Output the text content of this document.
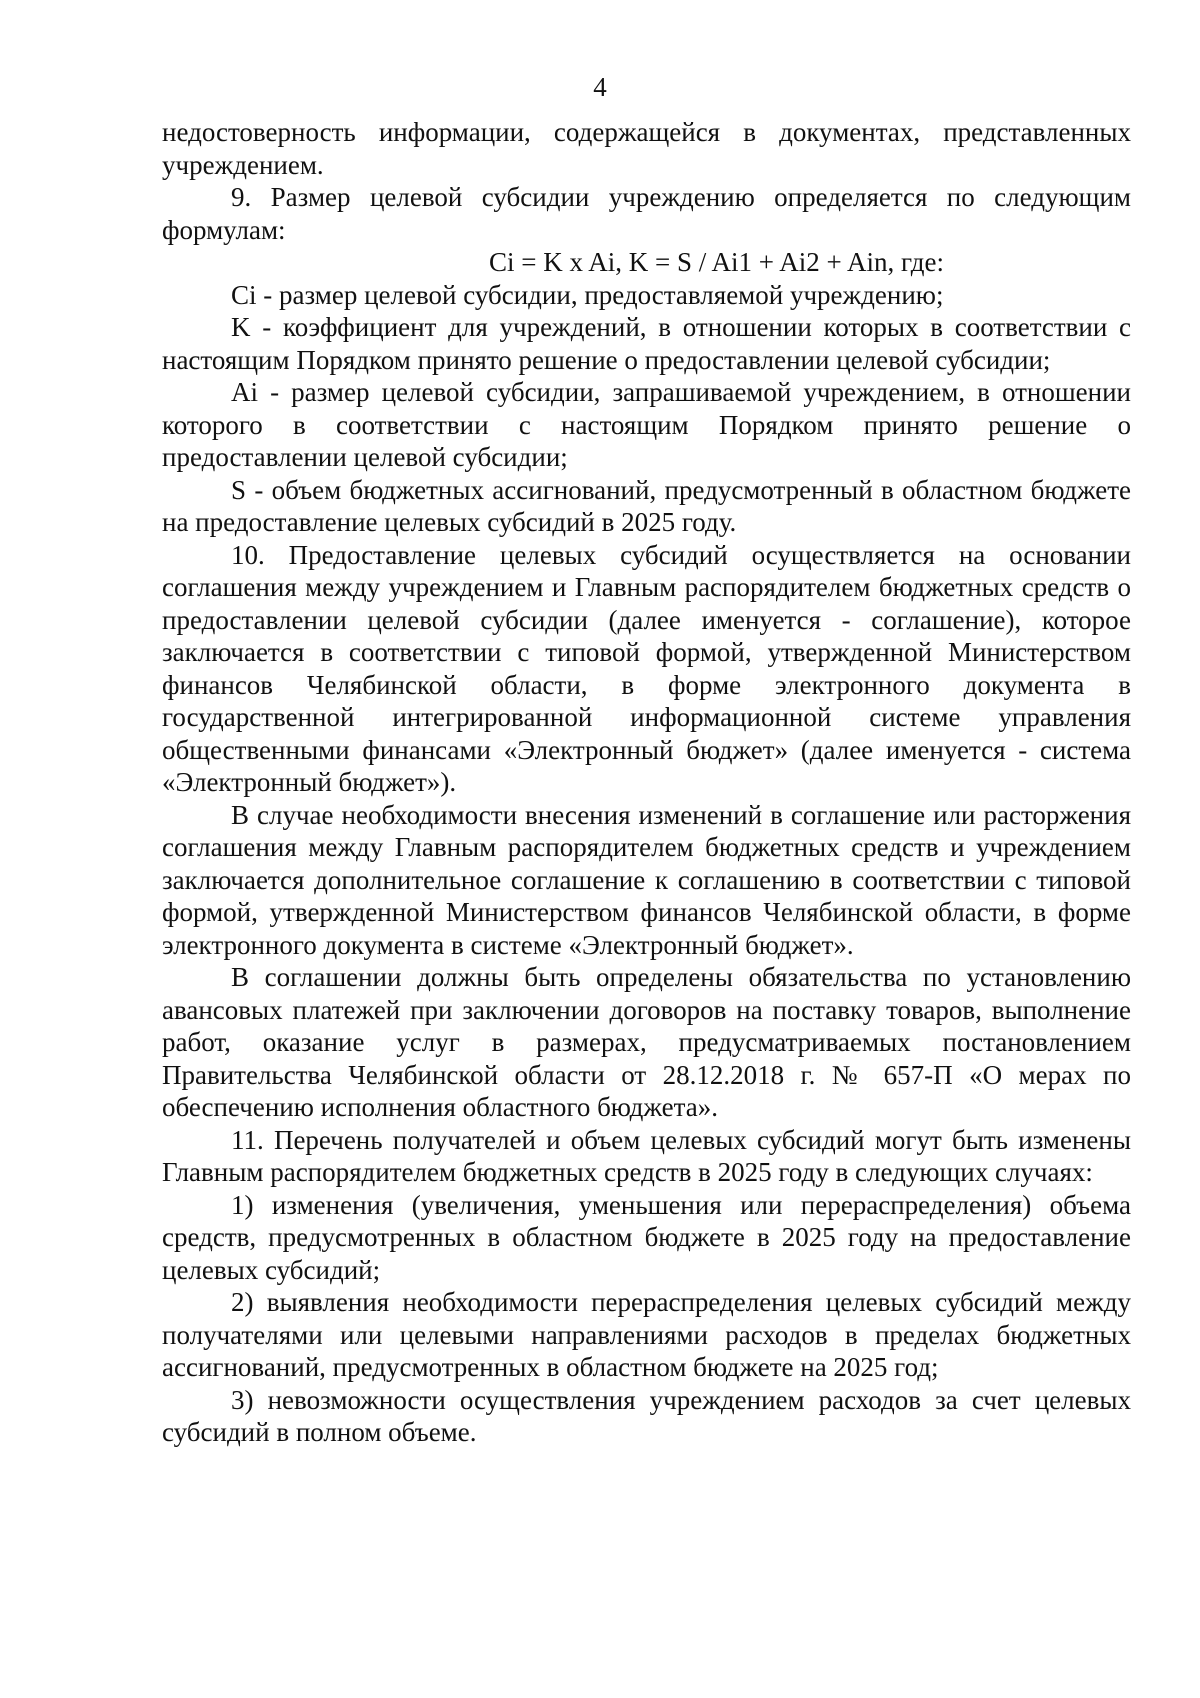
4

недостоверность информации, содержащейся в документах, представленных учреждением.

9. Размер целевой субсидии учреждению определяется по следующим формулам:

Ci = K x Ai, K = S / Ai1 + Ai2 + Ain, где:

Ci - размер целевой субсидии, предоставляемой учреждению;

K - коэффициент для учреждений, в отношении которых в соответствии с настоящим Порядком принято решение о предоставлении целевой субсидии;

Ai - размер целевой субсидии, запрашиваемой учреждением, в отношении которого в соответствии с настоящим Порядком принято решение о предоставлении целевой субсидии;

S - объем бюджетных ассигнований, предусмотренный в областном бюджете на предоставление целевых субсидий в 2025 году.

10. Предоставление целевых субсидий осуществляется на основании соглашения между учреждением и Главным распорядителем бюджетных средств о предоставлении целевой субсидии (далее именуется - соглашение), которое заключается в соответствии с типовой формой, утвержденной Министерством финансов Челябинской области, в форме электронного документа в государственной интегрированной информационной системе управления общественными финансами «Электронный бюджет» (далее именуется - система «Электронный бюджет»).

В случае необходимости внесения изменений в соглашение или расторжения соглашения между Главным распорядителем бюджетных средств и учреждением заключается дополнительное соглашение к соглашению в соответствии с типовой формой, утвержденной Министерством финансов Челябинской области, в форме электронного документа в системе «Электронный бюджет».

В соглашении должны быть определены обязательства по установлению авансовых платежей при заключении договоров на поставку товаров, выполнение работ, оказание услуг в размерах, предусматриваемых постановлением Правительства Челябинской области от 28.12.2018 г. № 657-П «О мерах по обеспечению исполнения областного бюджета».

11. Перечень получателей и объем целевых субсидий могут быть изменены Главным распорядителем бюджетных средств в 2025 году в следующих случаях:

1) изменения (увеличения, уменьшения или перераспределения) объема средств, предусмотренных в областном бюджете в 2025 году на предоставление целевых субсидий;

2) выявления необходимости перераспределения целевых субсидий между получателями или целевыми направлениями расходов в пределах бюджетных ассигнований, предусмотренных в областном бюджете на 2025 год;

3) невозможности осуществления учреждением расходов за счет целевых субсидий в полном объеме.
